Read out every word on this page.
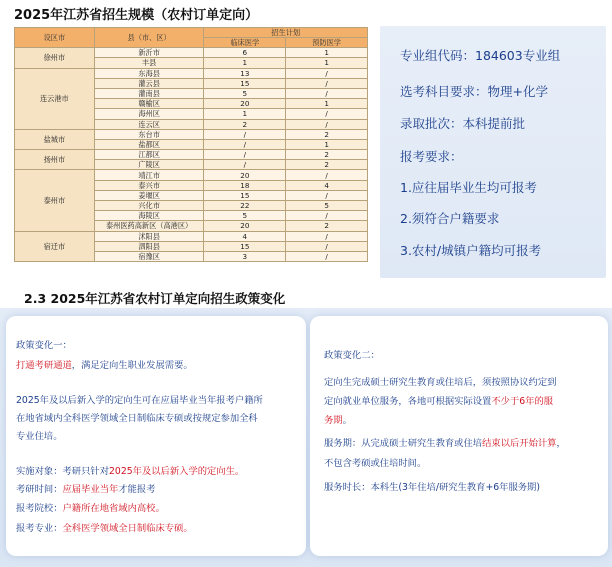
2025年江苏省招生规模（农村订单定向）
设区市	县（市、区）	招生计划	
		临床医学	预防医学
徐州市	新沂市	6	1
	丰县	1	1
连云港市	东海县	13	/
	灌云县	15	/
	灌南县	5	/
	赣榆区	20	1
	海州区	1	/
	连云区	2	/
盐城市	东台市	/	2
	盐都区	/	1
扬州市	江都区	/	2
	广陵区	/	2
泰州市	靖江市	20	/
	泰兴市	18	4
	姜堰区	15	/
	兴化市	22	5
	海陵区	5	/
	泰州医药高新区（高港区）	20	2
宿迁市	沭阳县	4	/
	泗阳县	15	/
	宿豫区	3	/
专业组代码：184603专业组
选考科目要求：物理+化学
录取批次：本科提前批
报考要求：
1.应往届毕业生均可报考
2.须符合户籍要求
3.农村/城镇户籍均可报考
2.3 2025年江苏省农村订单定向招生政策变化
政策变化一：
打通考研通道，满足定向生职业发展需要。
2025年及以后新入学的定向生可在应届毕业当年报考户籍所
在地省域内全科医学领域全日制临床专硕或按规定参加全科
专业住培。
实施对象：考研只针对2025年及以后新入学的定向生。
考研时间：应届毕业当年才能报考
报考院校：户籍所在地省域内高校。
报考专业：全科医学领域全日制临床专硕。
政策变化二：
定向生完成硕士研究生教育或住培后，须按照协议约定到
定向就业单位服务，各地可根据实际设置不少于6年的服
务期。
服务期：从完成硕士研究生教育或住培结束以后开始计算，
不包含考硕或住培时间。
服务时长：本科生(3年住培/研究生教育+6年服务期)
